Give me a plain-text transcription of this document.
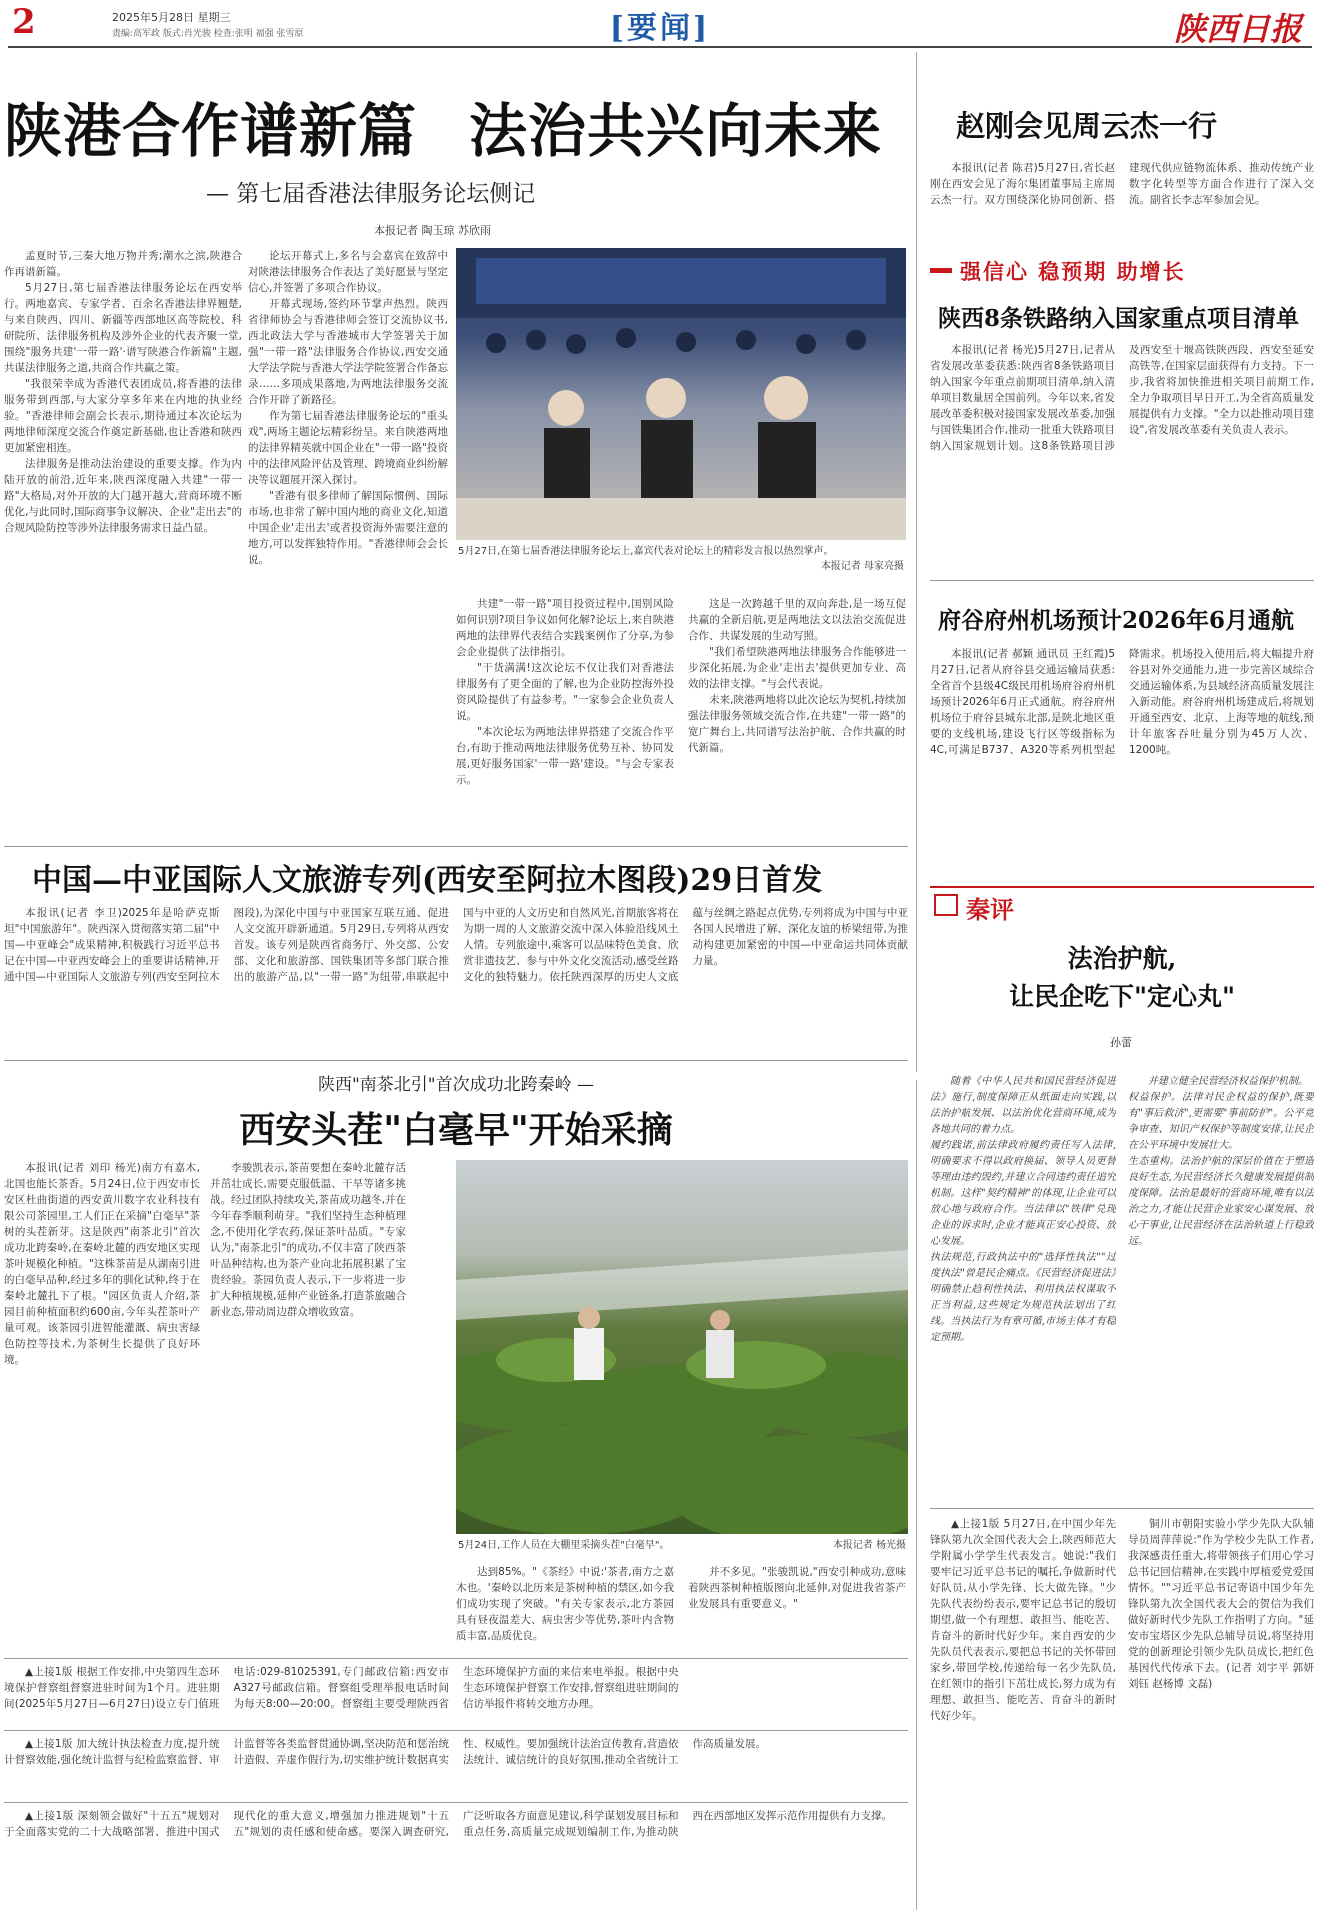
2	2025年5月28日 星期三
责编:高军政 版式:肖光骏 检查:张明 福强 张雪原	[要闻]	陕西日报
陕港合作谱新篇 法治共兴向未来
— 第七届香港法律服务论坛侧记
本报记者 陶玉琼 苏欣雨

孟夏时节,三秦大地万物并秀;潮水之滨,陕港合作再谱新篇。

5月27日,第七届香港法律服务论坛在西安举行。两地嘉宾、专家学者、百余名香港法律界翘楚,与来自陕西、四川、新疆等西部地区高等院校、科研院所、法律服务机构及涉外企业的代表齐聚一堂,围绕"服务共建'一带一路'·谱写陕港合作新篇"主题,共谋法律服务之道,共商合作共赢之策。

"我很荣幸成为香港代表团成员,将香港的法律服务带到西部,与大家分享多年来在内地的执业经验。"香港律师会副会长表示,期待通过本次论坛为两地律师深度交流合作奠定新基础,也让香港和陕西更加紧密相连。

法律服务是推动法治建设的重要支撑。作为内陆开放的前沿,近年来,陕西深度融入共建"一带一路"大格局,对外开放的大门越开越大,营商环境不断优化,与此同时,国际商事争议解决、企业"走出去"的合规风险防控等涉外法律服务需求日益凸显。

论坛开幕式上,多名与会嘉宾在致辞中对陕港法律服务合作表达了美好愿景与坚定信心,并签署了多项合作协议。

开幕式现场,签约环节掌声热烈。陕西省律师协会与香港律师会签订交流协议书,西北政法大学与香港城市大学签署关于加强"一带一路"法律服务合作协议,西安交通大学法学院与香港大学法学院签署合作备忘录……多项成果落地,为两地法律服务交流合作开辟了新路径。

作为第七届香港法律服务论坛的"重头戏",两场主题论坛精彩纷呈。来自陕港两地的法律界精英就中国企业在"一带一路"投资中的法律风险评估及管理、跨境商业纠纷解决等议题展开深入探讨。

"香港有很多律师了解国际惯例、国际市场,也非常了解中国内地的商业文化,知道中国企业'走出去'或者投资海外需要注意的地方,可以发挥独特作用。"香港律师会会长说。

5月27日,在第七届香港法律服务论坛上,嘉宾代表对论坛上的精彩发言报以热烈掌声。
本报记者 母家亮摄

共建"一带一路"项目投资过程中,国别风险如何识别?项目争议如何化解?论坛上,来自陕港两地的法律界代表结合实践案例作了分享,为参会企业提供了法律指引。

"干货满满!这次论坛不仅让我们对香港法律服务有了更全面的了解,也为企业防控海外投资风险提供了有益参考。"一家参会企业负责人说。

"本次论坛为两地法律界搭建了交流合作平台,有助于推动两地法律服务优势互补、协同发展,更好服务国家'一带一路'建设。"与会专家表示。

这是一次跨越千里的双向奔赴,是一场互促共赢的全新启航,更是两地法文以法治交流促进合作、共谋发展的生动写照。

"我们希望陕港两地法律服务合作能够进一步深化拓展,为企业'走出去'提供更加专业、高效的法律支撑。"与会代表说。

未来,陕港两地将以此次论坛为契机,持续加强法律服务领域交流合作,在共建"一带一路"的宽广舞台上,共同谱写法治护航、合作共赢的时代新篇。

赵刚会见周云杰一行

本报讯(记者 陈君)5月27日,省长赵刚在西安会见了海尔集团董事局主席周云杰一行。双方围绕深化协同创新、搭建现代供应链物流体系、推动传统产业数字化转型等方面合作进行了深入交流。副省长李志军参加会见。

强信心 稳预期 助增长
陕西8条铁路纳入国家重点项目清单

本报讯(记者 杨光)5月27日,记者从省发展改革委获悉:陕西省8条铁路项目纳入国家今年重点前期项目清单,纳入清单项目数量居全国前列。今年以来,省发展改革委积极对接国家发展改革委,加强与国铁集团合作,推动一批重大铁路项目纳入国家规划计划。这8条铁路项目涉及西安至十堰高铁陕西段、西安至延安高铁等,在国家层面获得有力支持。下一步,我省将加快推进相关项目前期工作,全力争取项目早日开工,为全省高质量发展提供有力支撑。"全力以赴推动项目建设",省发展改革委有关负责人表示。

府谷府州机场预计2026年6月通航

本报讯(记者 郝颖 通讯员 王红霞)5月27日,记者从府谷县交通运输局获悉:全省首个县级4C级民用机场府谷府州机场预计2026年6月正式通航。府谷府州机场位于府谷县城东北部,是陕北地区重要的支线机场,建设飞行区等级指标为4C,可满足B737、A320等系列机型起降需求。机场投入使用后,将大幅提升府谷县对外交通能力,进一步完善区域综合交通运输体系,为县域经济高质量发展注入新动能。府谷府州机场建成后,将规划开通至西安、北京、上海等地的航线,预计年旅客吞吐量分别为45万人次、1200吨。

中国—中亚国际人文旅游专列(西安至阿拉木图段)29日首发

本报讯(记者 李卫)2025年是哈萨克斯坦"中国旅游年"。陕西深入贯彻落实第二届"中国—中亚峰会"成果精神,积极践行习近平总书记在中国—中亚西安峰会上的重要讲话精神,开通中国—中亚国际人文旅游专列(西安至阿拉木图段),为深化中国与中亚国家互联互通、促进人文交流开辟新通道。5月29日,专列将从西安首发。该专列是陕西省商务厅、外交部、公安部、文化和旅游部、国铁集团等多部门联合推出的旅游产品,以"一带一路"为纽带,串联起中国与中亚的人文历史和自然风光,首期旅客将在为期一周的人文旅游交流中深入体验沿线风土人情。专列旅途中,乘客可以品味特色美食、欣赏非遗技艺、参与中外文化交流活动,感受丝路文化的独特魅力。依托陕西深厚的历史人文底蕴与丝绸之路起点优势,专列将成为中国与中亚各国人民增进了解、深化友谊的桥梁纽带,为推动构建更加紧密的中国—中亚命运共同体贡献力量。

秦评
法治护航,
让民企吃下"定心丸"
孙蕾

随着《中华人民共和国民营经济促进法》施行,制度保障正从纸面走向实践,以法治护航发展、以法治优化营商环境,成为各地共同的着力点。
履约践诺,前法律政府履约责任写入法律,明确要求不得以政府换届、领导人员更替等理由违约毁约,并建立合同违约责任追究机制。这样"契约精神"的体现,让企业可以放心地与政府合作。当法律以"铁律"兑现企业的诉求时,企业才能真正安心投资、放心发展。
执法规范,行政执法中的"选择性执法""过度执法"曾是民企痛点。《民营经济促进法》明确禁止趋利性执法、利用执法权谋取不正当利益,这些规定为规范执法划出了红线。当执法行为有章可循,市场主体才有稳定预期。

并建立健全民营经济权益保护机制。
权益保护。法律对民企权益的保护,既要有"事后救济",更需要"事前防护"。公平竞争审查、知识产权保护等制度安排,让民企在公平环境中发展壮大。
生态重构。法治护航的深层价值在于塑造良好生态,为民营经济长久健康发展提供制度保障。法治是最好的营商环境,唯有以法治之力,才能让民营企业家安心谋发展、放心干事业,让民营经济在法治轨道上行稳致远。

陕西"南茶北引"首次成功北跨秦岭 —
西安头茬"白毫早"开始采摘

本报讯(记者 刘印 杨光)南方有嘉木,北国也能长茶香。5月24日,位于西安市长安区杜曲街道的西安黄川数字农业科技有限公司茶园里,工人们正在采摘"白毫早"茶树的头茬新芽。这是陕西"南茶北引"首次成功北跨秦岭,在秦岭北麓的西安地区实现茶叶规模化种植。"这株茶苗是从湖南引进的白毫早品种,经过多年的驯化试种,终于在秦岭北麓扎下了根。"园区负责人介绍,茶园目前种植面积约600亩,今年头茬茶叶产量可观。该茶园引进智能灌溉、病虫害绿色防控等技术,为茶树生长提供了良好环境。

李骏凯表示,茶苗要想在秦岭北麓存活并茁壮成长,需要克服低温、干旱等诸多挑战。经过团队持续攻关,茶苗成功越冬,并在今年春季顺利萌芽。"我们坚持生态种植理念,不使用化学农药,保证茶叶品质。"专家认为,"南茶北引"的成功,不仅丰富了陕西茶叶品种结构,也为茶产业向北拓展积累了宝贵经验。茶园负责人表示,下一步将进一步扩大种植规模,延伸产业链条,打造茶旅融合新业态,带动周边群众增收致富。

5月24日,工作人员在大棚里采摘头茬"白毫早"。	本报记者 杨光摄

达到85%。"《茶经》中说:'茶者,南方之嘉木也。'秦岭以北历来是茶树种植的禁区,如今我们成功实现了突破。"有关专家表示,北方茶园具有昼夜温差大、病虫害少等优势,茶叶内含物质丰富,品质优良。

并不多见。"张骏凯说,"西安引种成功,意味着陕西茶树种植版图向北延伸,对促进我省茶产业发展具有重要意义。"

▲上接1版 5月27日,在中国少年先锋队第九次全国代表大会上,陕西师范大学附属小学学生代表发言。她说:"我们要牢记习近平总书记的嘱托,争做新时代好队员,从小学先锋、长大做先锋。"少先队代表纷纷表示,要牢记总书记的殷切期望,做一个有理想、敢担当、能吃苦、肯奋斗的新时代好少年。来自西安的少先队员代表表示,要把总书记的关怀带回家乡,带回学校,传递给每一名少先队员,在红领巾的指引下茁壮成长,努力成为有理想、敢担当、能吃苦、肯奋斗的新时代好少年。

铜川市朝阳实验小学少先队大队辅导员周萍萍说:"作为学校少先队工作者,我深感责任重大,将带领孩子们用心学习总书记回信精神,在实践中厚植爱党爱国情怀。""习近平总书记寄语中国少年先锋队第九次全国代表大会的贺信为我们做好新时代少先队工作指明了方向。"延安市宝塔区少先队总辅导员说,将坚持用党的创新理论引领少先队员成长,把红色基因代代传承下去。(记者 刘宇平 郭妍 刘钰 赵杨博 文磊)

▲上接1版 根据工作安排,中央第四生态环境保护督察组督察进驻时间为1个月。进驻期间(2025年5月27日—6月27日)设立专门值班电话:029-81025391,专门邮政信箱:西安市A327号邮政信箱。督察组受理举报电话时间为每天8:00—20:00。督察组主要受理陕西省生态环境保护方面的来信来电举报。根据中央生态环境保护督察工作安排,督察组进驻期间的信访举报件将转交地方办理。

▲上接1版 加大统计执法检查力度,提升统计督察效能,强化统计监督与纪检监察监督、审计监督等各类监督贯通协调,坚决防范和惩治统计造假、弄虚作假行为,切实维护统计数据真实性、权威性。要加强统计法治宣传教育,营造依法统计、诚信统计的良好氛围,推动全省统计工作高质量发展。

▲上接1版 深刻领会做好"十五五"规划对于全面落实党的二十大战略部署、推进中国式现代化的重大意义,增强加力推进规划"十五五"规划的责任感和使命感。要深入调查研究,广泛听取各方面意见建议,科学谋划发展目标和重点任务,高质量完成规划编制工作,为推动陕西在西部地区发挥示范作用提供有力支撑。
